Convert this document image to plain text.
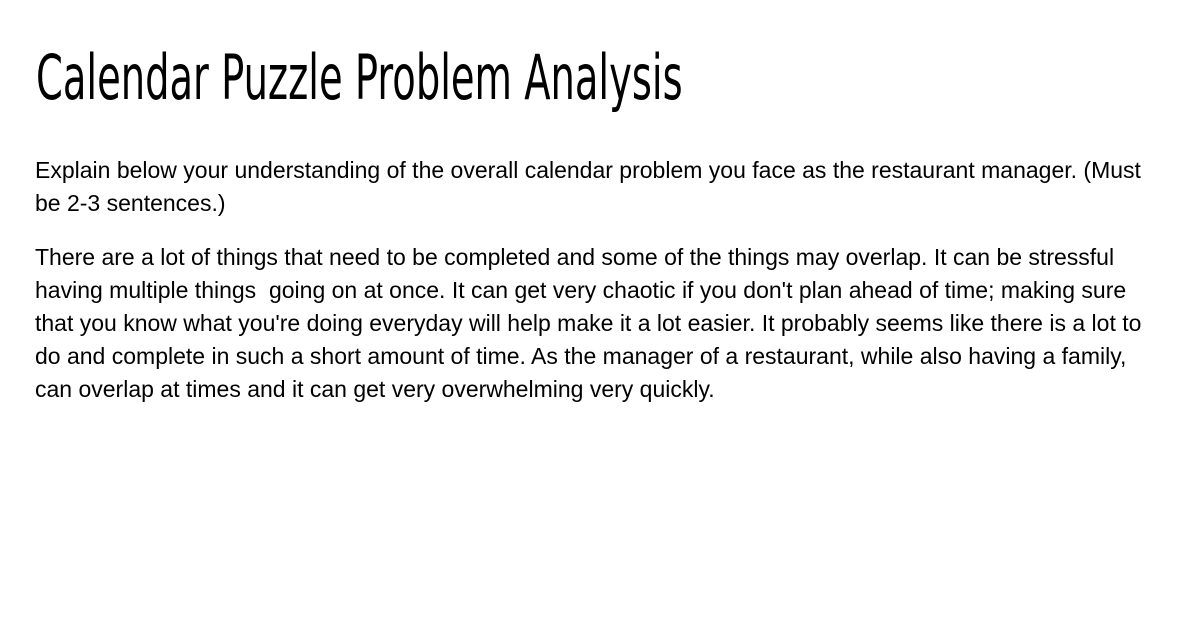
Calendar Puzzle Problem Analysis

Explain below your understanding of the overall calendar problem you face as the restaurant manager. (Must be 2-3 sentences.)

There are a lot of things that need to be completed and some of the things may overlap. It can be stressful having multiple things  going on at once. It can get very chaotic if you don't plan ahead of time; making sure that you know what you're doing everyday will help make it a lot easier. It probably seems like there is a lot to do and complete in such a short amount of time. As the manager of a restaurant, while also having a family, can overlap at times and it can get very overwhelming very quickly.
